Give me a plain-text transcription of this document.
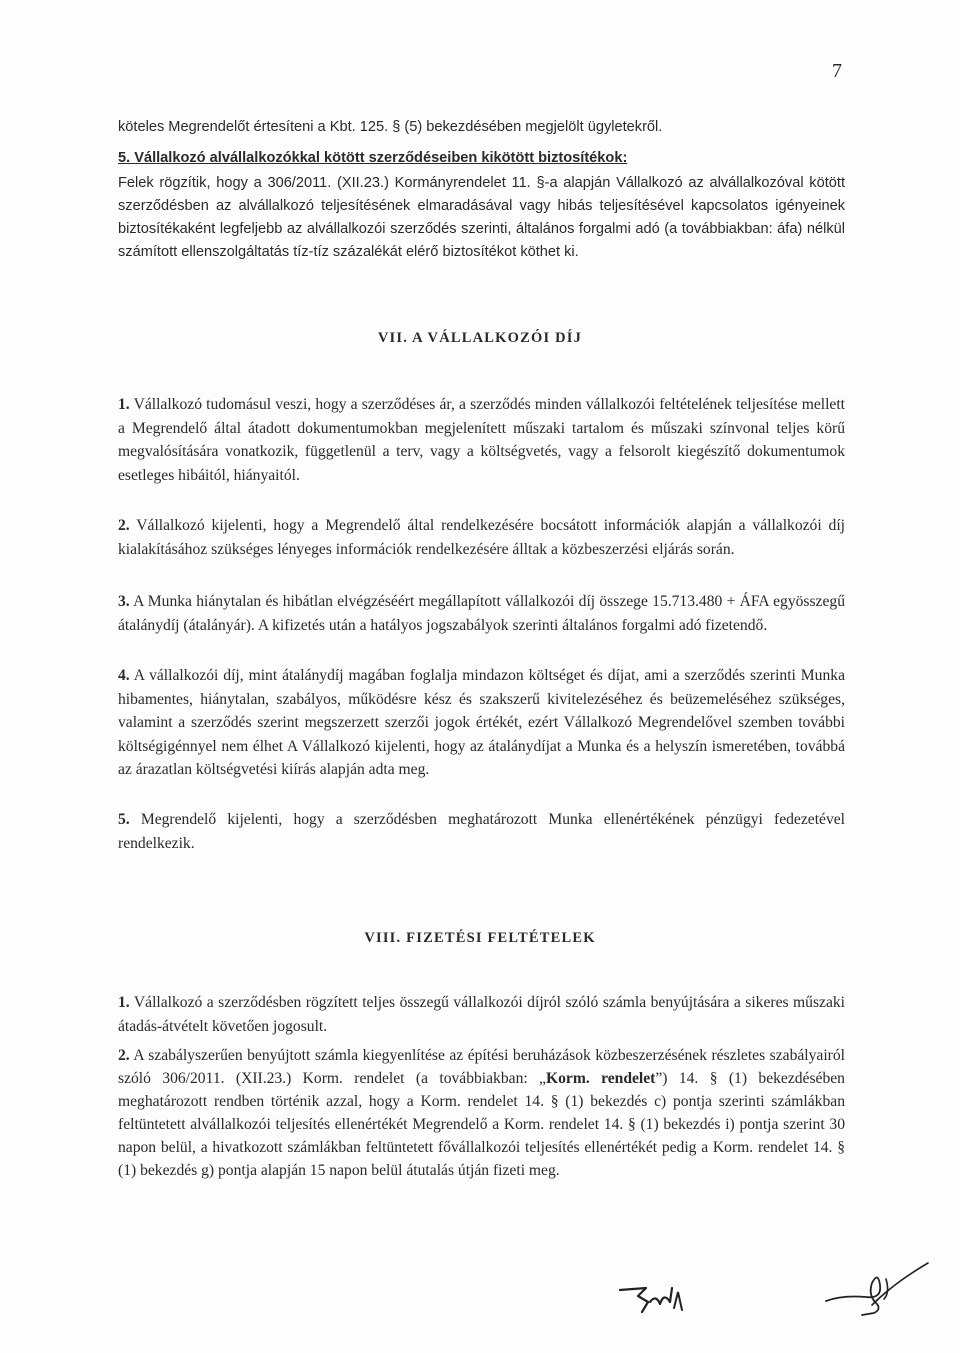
7

köteles Megrendelőt értesíteni a Kbt. 125. § (5) bekezdésében megjelölt ügyletekről.

5. Vállalkozó alvállalkozókkal kötött szerződéseiben kikötött biztosítékok:

Felek rögzítik, hogy a 306/2011. (XII.23.) Kormányrendelet 11. §-a alapján Vállalkozó az alvállalkozóval kötött szerződésben az alvállalkozó teljesítésének elmaradásával vagy hibás teljesítésével kapcsolatos igényeinek biztosítékaként legfeljebb az alvállalkozói szerződés szerinti, általános forgalmi adó (a továbbiakban: áfa) nélkül számított ellenszolgáltatás tíz-tíz százalékát elérő biztosítékot köthet ki.

VII. A VÁLLALKOZÓI DÍJ

1. Vállalkozó tudomásul veszi, hogy a szerződéses ár, a szerződés minden vállalkozói feltételének teljesítése mellett a Megrendelő által átadott dokumentumokban megjelenített műszaki tartalom és műszaki színvonal teljes körű megvalósítására vonatkozik, függetlenül a terv, vagy a költségvetés, vagy a felsorolt kiegészítő dokumentumok esetleges hibáitól, hiányaitól.

2. Vállalkozó kijelenti, hogy a Megrendelő által rendelkezésére bocsátott információk alapján a vállalkozói díj kialakításához szükséges lényeges információk rendelkezésére álltak a közbeszerzési eljárás során.

3. A Munka hiánytalan és hibátlan elvégzéséért megállapított vállalkozói díj összege 15.713.480 + ÁFA egyösszegű átalánydíj (átalányár). A kifizetés után a hatályos jogszabályok szerinti általános forgalmi adó fizetendő.

4. A vállalkozói díj, mint átalánydíj magában foglalja mindazon költséget és díjat, ami a szerződés szerinti Munka hibamentes, hiánytalan, szabályos, működésre kész és szakszerű kivitelezéséhez és beüzemeléséhez szükséges, valamint a szerződés szerint megszerzett szerzői jogok értékét, ezért Vállalkozó Megrendelővel szemben további költségigénnyel nem élhet A Vállalkozó kijelenti, hogy az átalánydíjat a Munka és a helyszín ismeretében, továbbá az árazatlan költségvetési kiírás alapján adta meg.

5. Megrendelő kijelenti, hogy a szerződésben meghatározott Munka ellenértékének pénzügyi fedezetével rendelkezik.

VIII. FIZETÉSI FELTÉTELEK

1. Vállalkozó a szerződésben rögzített teljes összegű vállalkozói díjról szóló számla benyújtására a sikeres műszaki átadás-átvételt követően jogosult.

2. A szabályszerűen benyújtott számla kiegyenlítése az építési beruházások közbeszerzésének részletes szabályairól szóló 306/2011. (XII.23.) Korm. rendelet (a továbbiakban: „Korm. rendelet”) 14. § (1) bekezdésében meghatározott rendben történik azzal, hogy a Korm. rendelet 14. § (1) bekezdés c) pontja szerinti számlákban feltüntetett alvállalkozói teljesítés ellenértékét Megrendelő a Korm. rendelet 14. § (1) bekezdés i) pontja szerint 30 napon belül, a hivatkozott számlákban feltüntetett fővállalkozói teljesítés ellenértékét pedig a Korm. rendelet 14. § (1) bekezdés g) pontja alapján 15 napon belül átutalás útján fizeti meg.
